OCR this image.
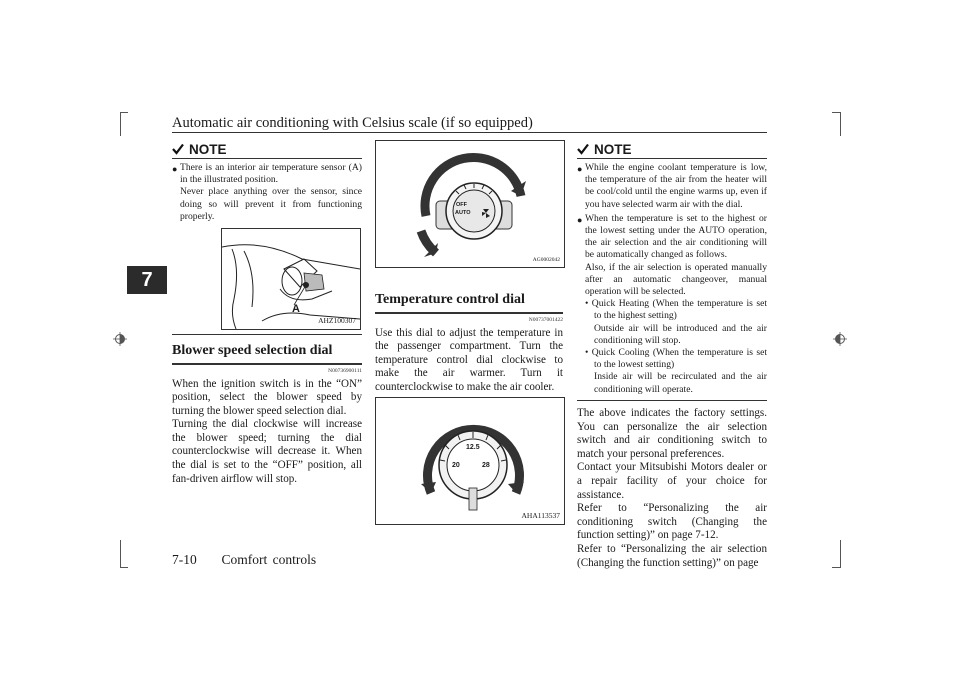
Automatic air conditioning with Celsius scale (if so equipped)
7
NOTE
● There is an interior air temperature sensor (A) in the illustrated position.
Never place anything over the sensor, since doing so will prevent it from functioning properly.
A
AHZ100307
Blower speed selection dial
N00736900111

When the ignition switch is in the “ON” position, select the blower speed by turning the blower speed selection dial.

Turning the dial clockwise will increase the blower speed; turning the dial counterclockwise will decrease it. When the dial is set to the “OFF” position, all fan-driven airflow will stop.

OFF
AUTO
AG0002042
Temperature control dial
N00737001422

Use this dial to adjust the temperature in the passenger compartment. Turn the temperature control dial clockwise to make the air warmer. Turn it counterclockwise to make the air cooler.

12.5
20	28
AHA113537
NOTE
● While the engine coolant temperature is low, the temperature of the air from the heater will be cool/cold until the engine warms up, even if you have selected warm air with the dial.
● When the temperature is set to the highest or the lowest setting under the AUTO operation, the air selection and the air conditioning will be automatically changed as follows.
Also, if the air selection is operated manually after an automatic changeover, manual operation will be selected.
• Quick Heating (When the temperature is set to the highest setting)
Outside air will be introduced and the air conditioning will stop.
• Quick Cooling (When the temperature is set to the lowest setting)
Inside air will be recirculated and the air conditioning will operate.

The above indicates the factory settings. You can personalize the air selection switch and air conditioning switch to match your personal preferences.

Contact your Mitsubishi Motors dealer or a repair facility of your choice for assistance.

Refer to “Personalizing the air conditioning switch (Changing the function setting)” on page 7-12.

Refer to “Personalizing the air selection (Changing the function setting)” on page

7-10 Comfort controls
